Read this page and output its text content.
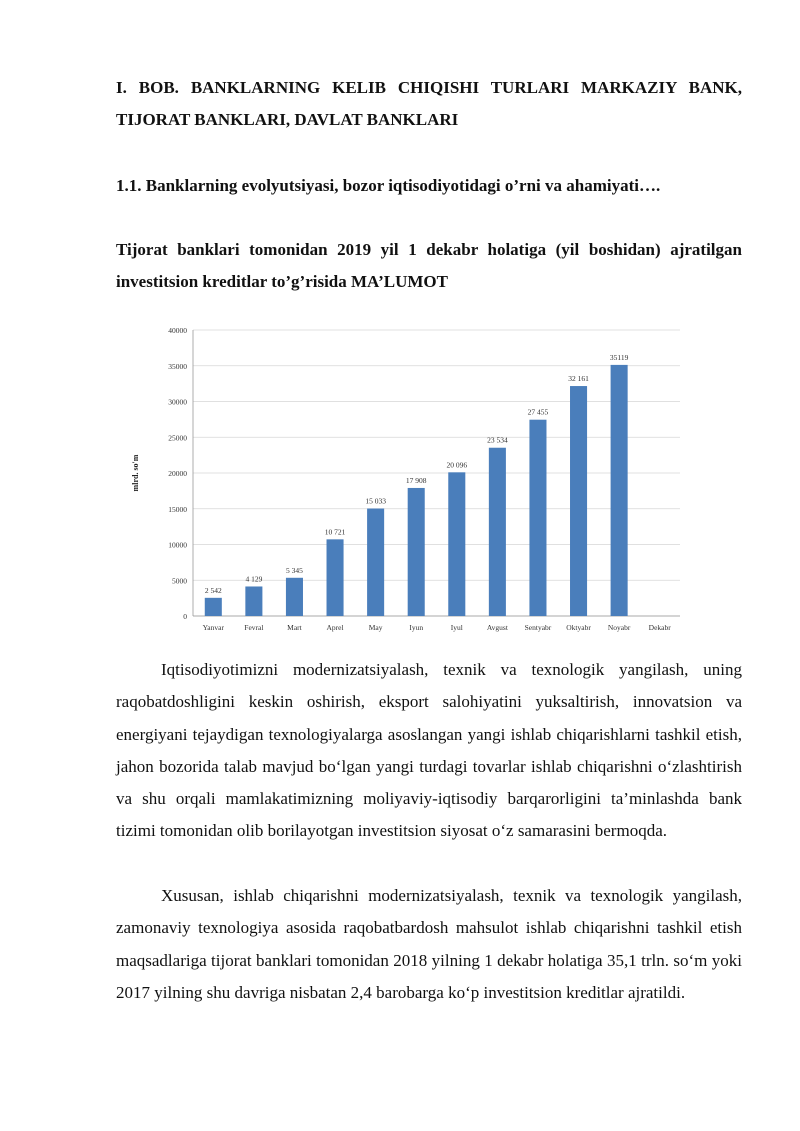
I. BOB. BANKLARNING KELIB CHIQISHI TURLARI MARKAZIY BANK, TIJORAT BANKLARI, DAVLAT BANKLARI
1.1. Banklarning evolyutsiyasi, bozor iqtisodiyotidagi o’rni va ahamiyati….
Tijorat banklari tomonidan 2019 yil 1 dekabr holatiga (yil boshidan) ajratilgan investitsion kreditlar to’g’risida MA’LUMOT
mlrd. so'm
0
5000
10000
15000
20000
25000
30000
35000
40000
2 542
Yanvar
4 129
Fevral
5 345
Mart
10 721
Aprel
15 033
May
17 908
Iyun
20 096
Iyul
23 534
Avgust
27 455
Sentyabr
32 161
Oktyabr
35119
Noyabr Dekabr

Iqtisodiyotimizni modernizatsiyalash, texnik va texnologik yangilash, uning raqobatdoshligini keskin oshirish, eksport salohiyatini yuksaltirish, innovatsion va energiyani tejaydigan texnologiyalarga asoslangan yangi ishlab chiqarishlarni tashkil etish, jahon bozorida talab mavjud bo‘lgan yangi turdagi tovarlar ishlab chiqarishni o‘zlashtirish va shu orqali mamlakatimizning moliyaviy-iqtisodiy barqarorligini ta’minlashda bank tizimi tomonidan olib borilayotgan investitsion siyosat o‘z samarasini bermoqda.

Xususan, ishlab chiqarishni modernizatsiyalash, texnik va texnologik yangilash, zamonaviy texnologiya asosida raqobatbardosh mahsulot ishlab chiqarishni tashkil etish maqsadlariga tijorat banklari tomonidan 2018 yilning 1 dekabr holatiga 35,1 trln. so‘m yoki 2017 yilning shu davriga nisbatan 2,4 barobarga ko‘p investitsion kreditlar ajratildi.
